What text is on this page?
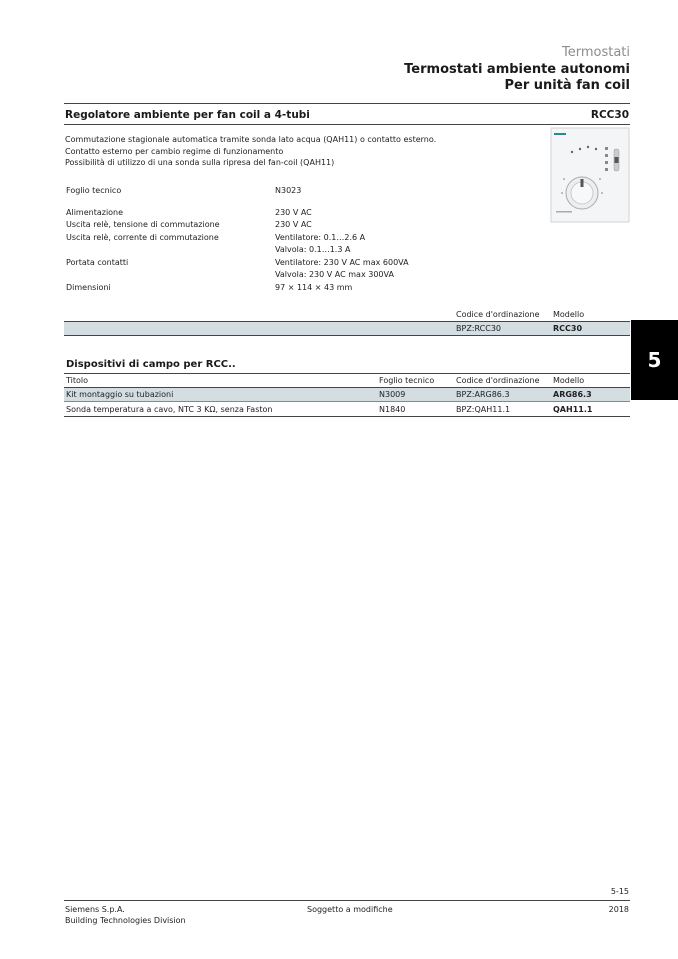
Termostati
Termostati ambiente autonomi
Per unità fan coil
Regolatore ambiente per fan coil a 4-tubi	RCC30
Commutazione stagionale automatica tramite sonda lato acqua (QAH11) o contatto esterno.
Contatto esterno per cambio regime di funzionamento
Possibilità di utilizzo di una sonda sulla ripresa del fan-coil (QAH11)
Foglio tecnico	N3023
Alimentazione	230 V AC
Uscita relè, tensione di commutazione	230 V AC
Uscita relè, corrente di commutazione	Ventilatore: 0.1…2.6 A
Valvola: 0.1…1.3 A
Portata contatti	Ventilatore: 230 V AC max 600VA
Valvola: 230 V AC max 300VA
Dimensioni	97 × 114 × 43 mm
Codice d'ordinazione Modello
BPZ:RCC30	RCC30
5
Dispositivi di campo per RCC..
Titolo	Foglio tecnico	Codice d'ordinazione Modello
Kit montaggio su tubazioni	N3009	BPZ:ARG86.3	ARG86.3
Sonda temperatura a cavo, NTC 3 KΩ, senza Faston	N1840	BPZ:QAH11.1	QAH11.1
5-15
Siemens S.p.A.
Building Technologies Division
Soggetto a modifiche	2018
